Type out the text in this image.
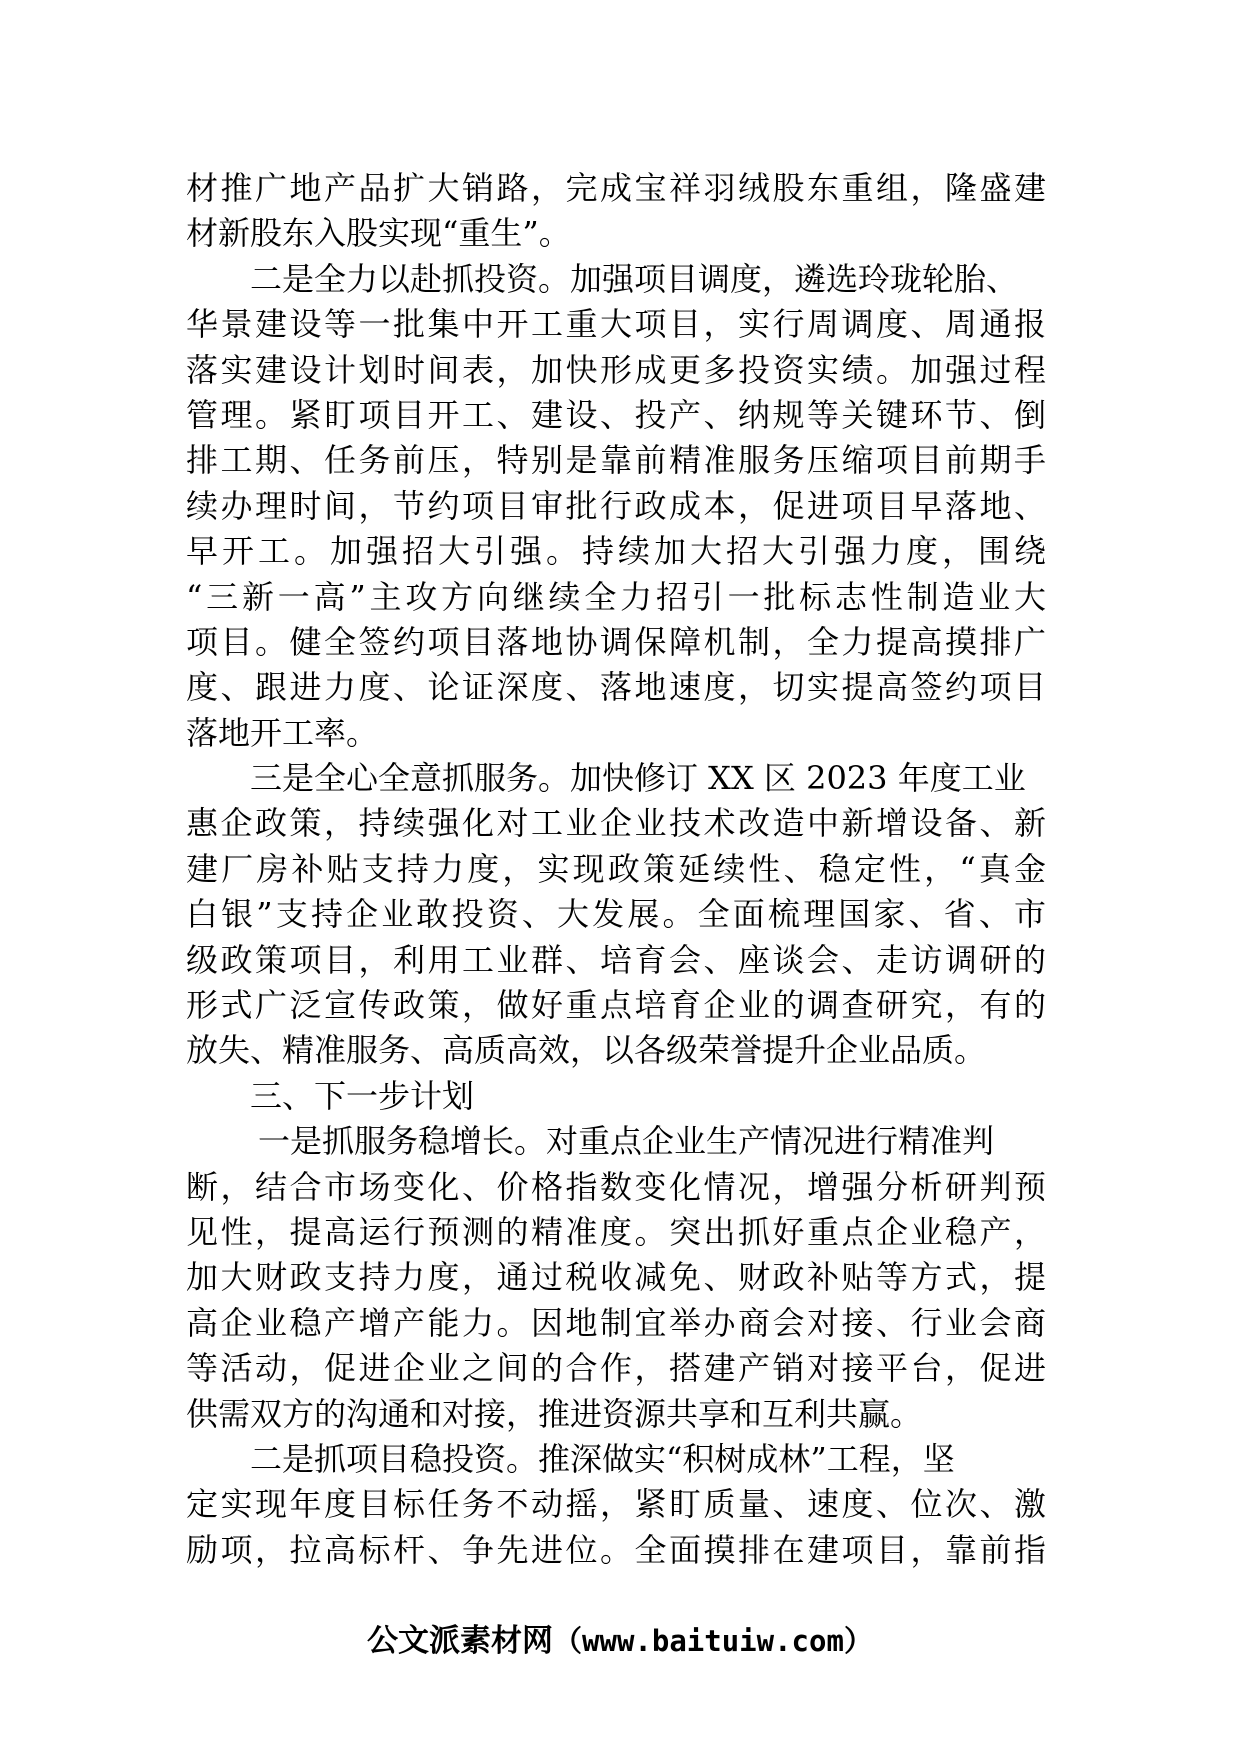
材推广地产品扩大销路，完成宝祥羽绒股东重组，隆盛建
材新股东入股实现“重生”。
二是全力以赴抓投资。加强项目调度，遴选玲珑轮胎、
华景建设等一批集中开工重大项目，实行周调度、周通报
落实建设计划时间表，加快形成更多投资实绩。加强过程
管理。紧盯项目开工、建设、投产、纳规等关键环节、倒
排工期、任务前压，特别是靠前精准服务压缩项目前期手
续办理时间，节约项目审批行政成本，促进项目早落地、
早开工。加强招大引强。持续加大招大引强力度，围绕
“三新一高”主攻方向继续全力招引一批标志性制造业大
项目。健全签约项目落地协调保障机制，全力提高摸排广
度、跟进力度、论证深度、落地速度，切实提高签约项目
落地开工率。
三是全心全意抓服务。加快修订 XX 区 2023 年度工业
惠企政策，持续强化对工业企业技术改造中新增设备、新
建厂房补贴支持力度，实现政策延续性、稳定性，“真金
白银”支持企业敢投资、大发展。全面梳理国家、省、市
级政策项目，利用工业群、培育会、座谈会、走访调研的
形式广泛宣传政策，做好重点培育企业的调查研究，有的
放失、精准服务、高质高效，以各级荣誉提升企业品质。
三、下一步计划
一是抓服务稳增长。对重点企业生产情况进行精准判
断，结合市场变化、价格指数变化情况，增强分析研判预
见性，提高运行预测的精准度。突出抓好重点企业稳产，
加大财政支持力度，通过税收减免、财政补贴等方式，提
高企业稳产增产能力。因地制宜举办商会对接、行业会商
等活动，促进企业之间的合作，搭建产销对接平台，促进
供需双方的沟通和对接，推进资源共享和互利共赢。
二是抓项目稳投资。推深做实“积树成林”工程，坚
定实现年度目标任务不动摇，紧盯质量、速度、位次、激
励项，拉高标杆、争先进位。全面摸排在建项目，靠前指
公文派素材网（www.baituiw.com）
